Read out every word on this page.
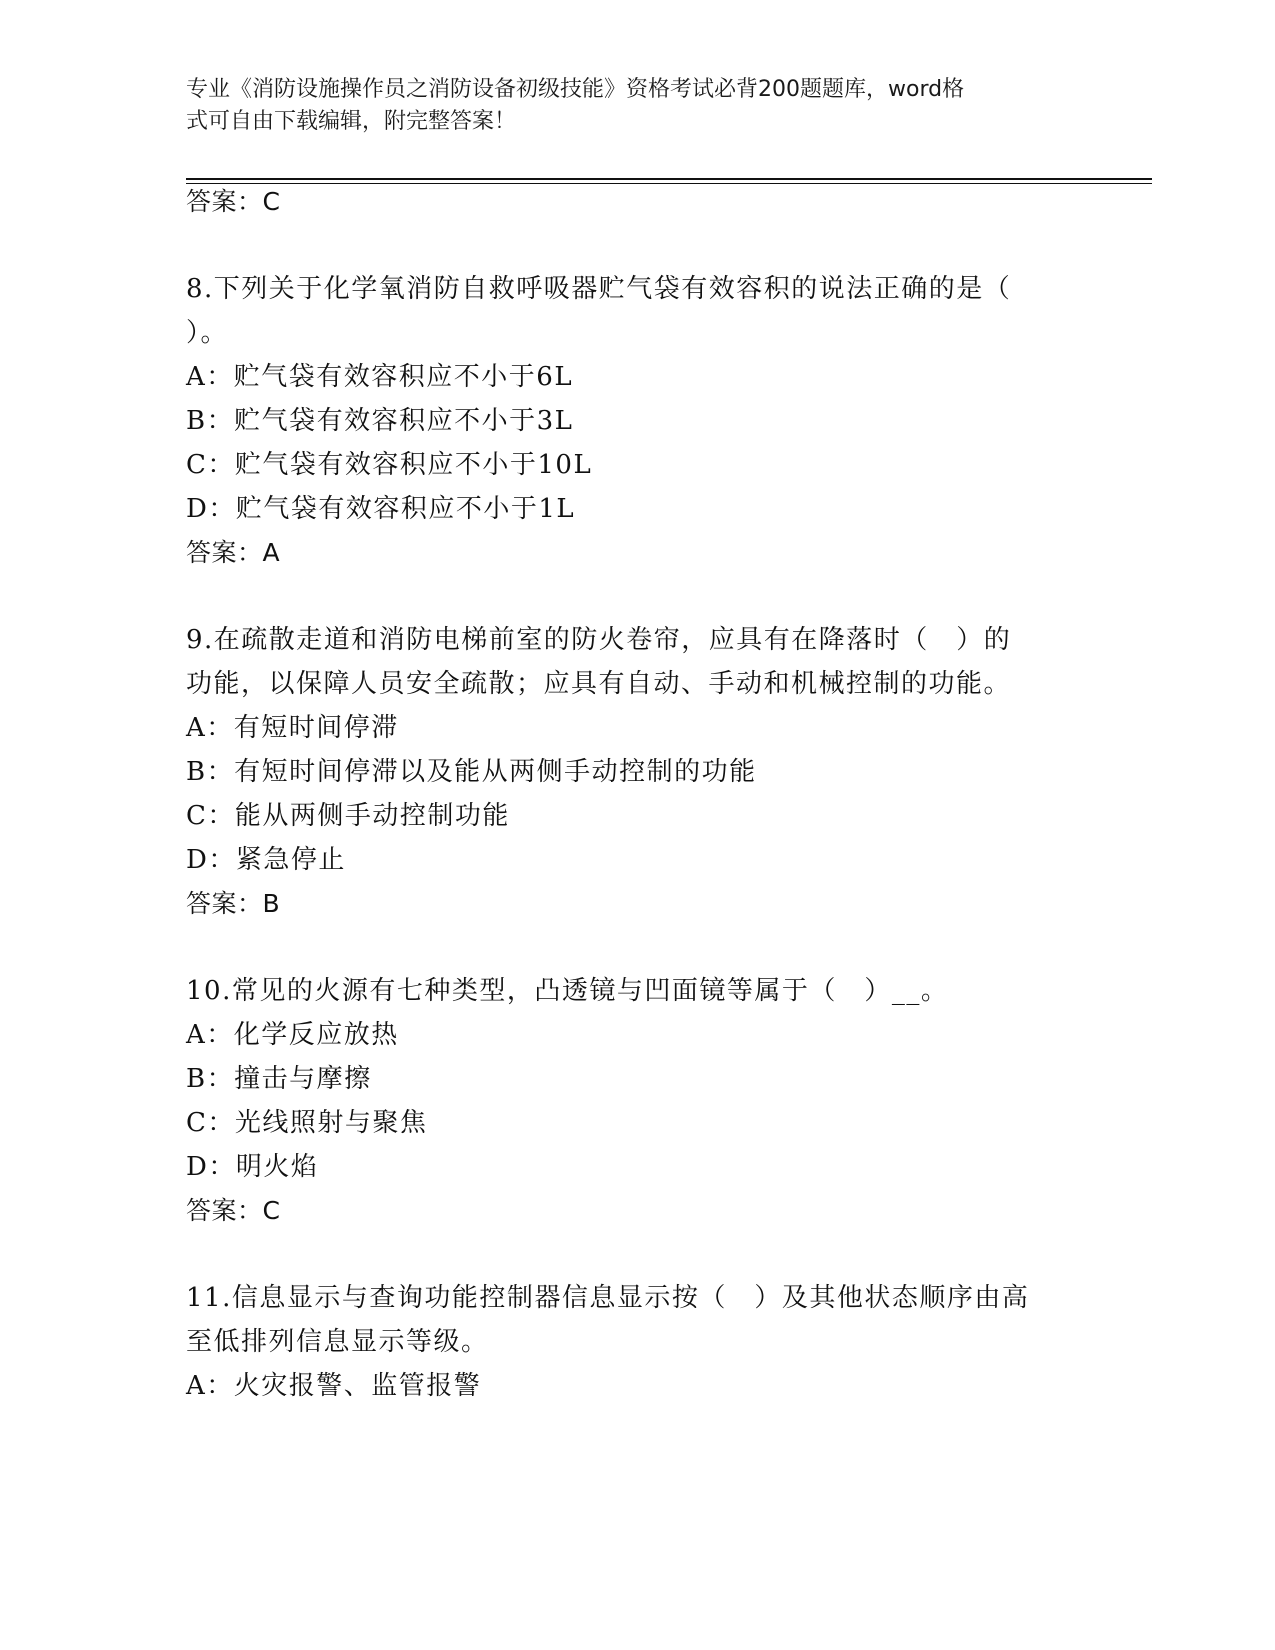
专业《消防设施操作员之消防设备初级技能》资格考试必背200题题库，word格
式可自由下载编辑，附完整答案！
答案：C
8.下列关于化学氧消防自救呼吸器贮气袋有效容积的说法正确的是（
）。
A：贮气袋有效容积应不小于6L
B：贮气袋有效容积应不小于3L
C：贮气袋有效容积应不小于10L
D：贮气袋有效容积应不小于1L
答案：A
9.在疏散走道和消防电梯前室的防火卷帘，应具有在降落时（　）的
功能，以保障人员安全疏散；应具有自动、手动和机械控制的功能。
A：有短时间停滞
B：有短时间停滞以及能从两侧手动控制的功能
C：能从两侧手动控制功能
D：紧急停止
答案：B
10.常见的火源有七种类型，凸透镜与凹面镜等属于（　）__。
A：化学反应放热
B：撞击与摩擦
C：光线照射与聚焦
D：明火焰
答案：C
11.信息显示与查询功能控制器信息显示按（　）及其他状态顺序由高
至低排列信息显示等级。
A：火灾报警、监管报警
